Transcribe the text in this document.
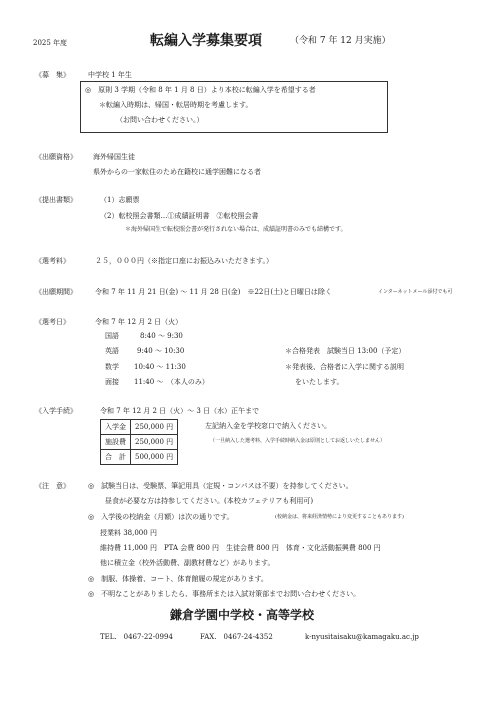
2025 年度	転編入学募集要項	（令和 7 年 12 月実施）
《募　集》	中学校 1 年生
◎　原則 3 学期（令和 8 年 1 月 8 日）より本校に転編入学を希望する者
＊転編入時期は、帰国・転居時期を考慮します。
（お問い合わせください。）
《出願資格》 海外帰国生徒
県外からの一家転住のため在籍校に通学困難になる者
《提出書類》	（1）志願票
（2）転校照会書類…①成績証明書　②転校照会書
＊海外帰国生で転校照会書が発行されない場合は、成績証明書のみでも結構です。
《選考料》	２５，０００円（※指定口座にお振込みいただきます。）
《出願期間》	令和 7 年 11 月 21 日(金) 〜 11 月 28 日(金)　※22日(土)と日曜日は除く	インターネットメール添付でも可
《選考日》	令和 7 年 12 月 2 日（火）
国語	8:40 〜 9:30
英語	9:40 〜 10:30
数学 10:40 〜 11:30
面接 11:40 〜　（本人のみ）
＊合格発表　試験当日 13:00（予定）
＊発表後、合格者に入学に関する説明
をいたします。
《入学手続》	令和 7 年 12 月 2 日（火）〜 3 日（水）正午まで
入学金	250,000 円
施設費	250,000 円
合　計	500,000 円
左記納入金を学校窓口で納入ください。
（一旦納入した選考料、入学手続時納入金は原則としてお返しいたしません）
《注　意》	◎　試験当日は、受験票、筆記用具（定規・コンパスは不要）を持参してください。
昼食が必要な方は持参してください。(本校カフェテリアも利用可)
◎　入学後の校納金（月額）は次の通りです。	(校納金は、将来経済情勢により変更することもあります)
授業料 38,000 円
維持費 11,000 円　PTA 会費 800 円　生徒会費 800 円　体育・文化活動振興費 800 円
他に積立金（校外活動費、副教材費など）があります。
◎　制服、体操着、コート、体育館履の規定があります。
◎　不明なことがありましたら、事務所または入試対策部までお問い合わせください。
鎌倉学園中学校・高等学校
TEL.　0467-22-0994	FAX.　0467-24-4352	k-nyusitaisaku@kamagaku.ac.jp
